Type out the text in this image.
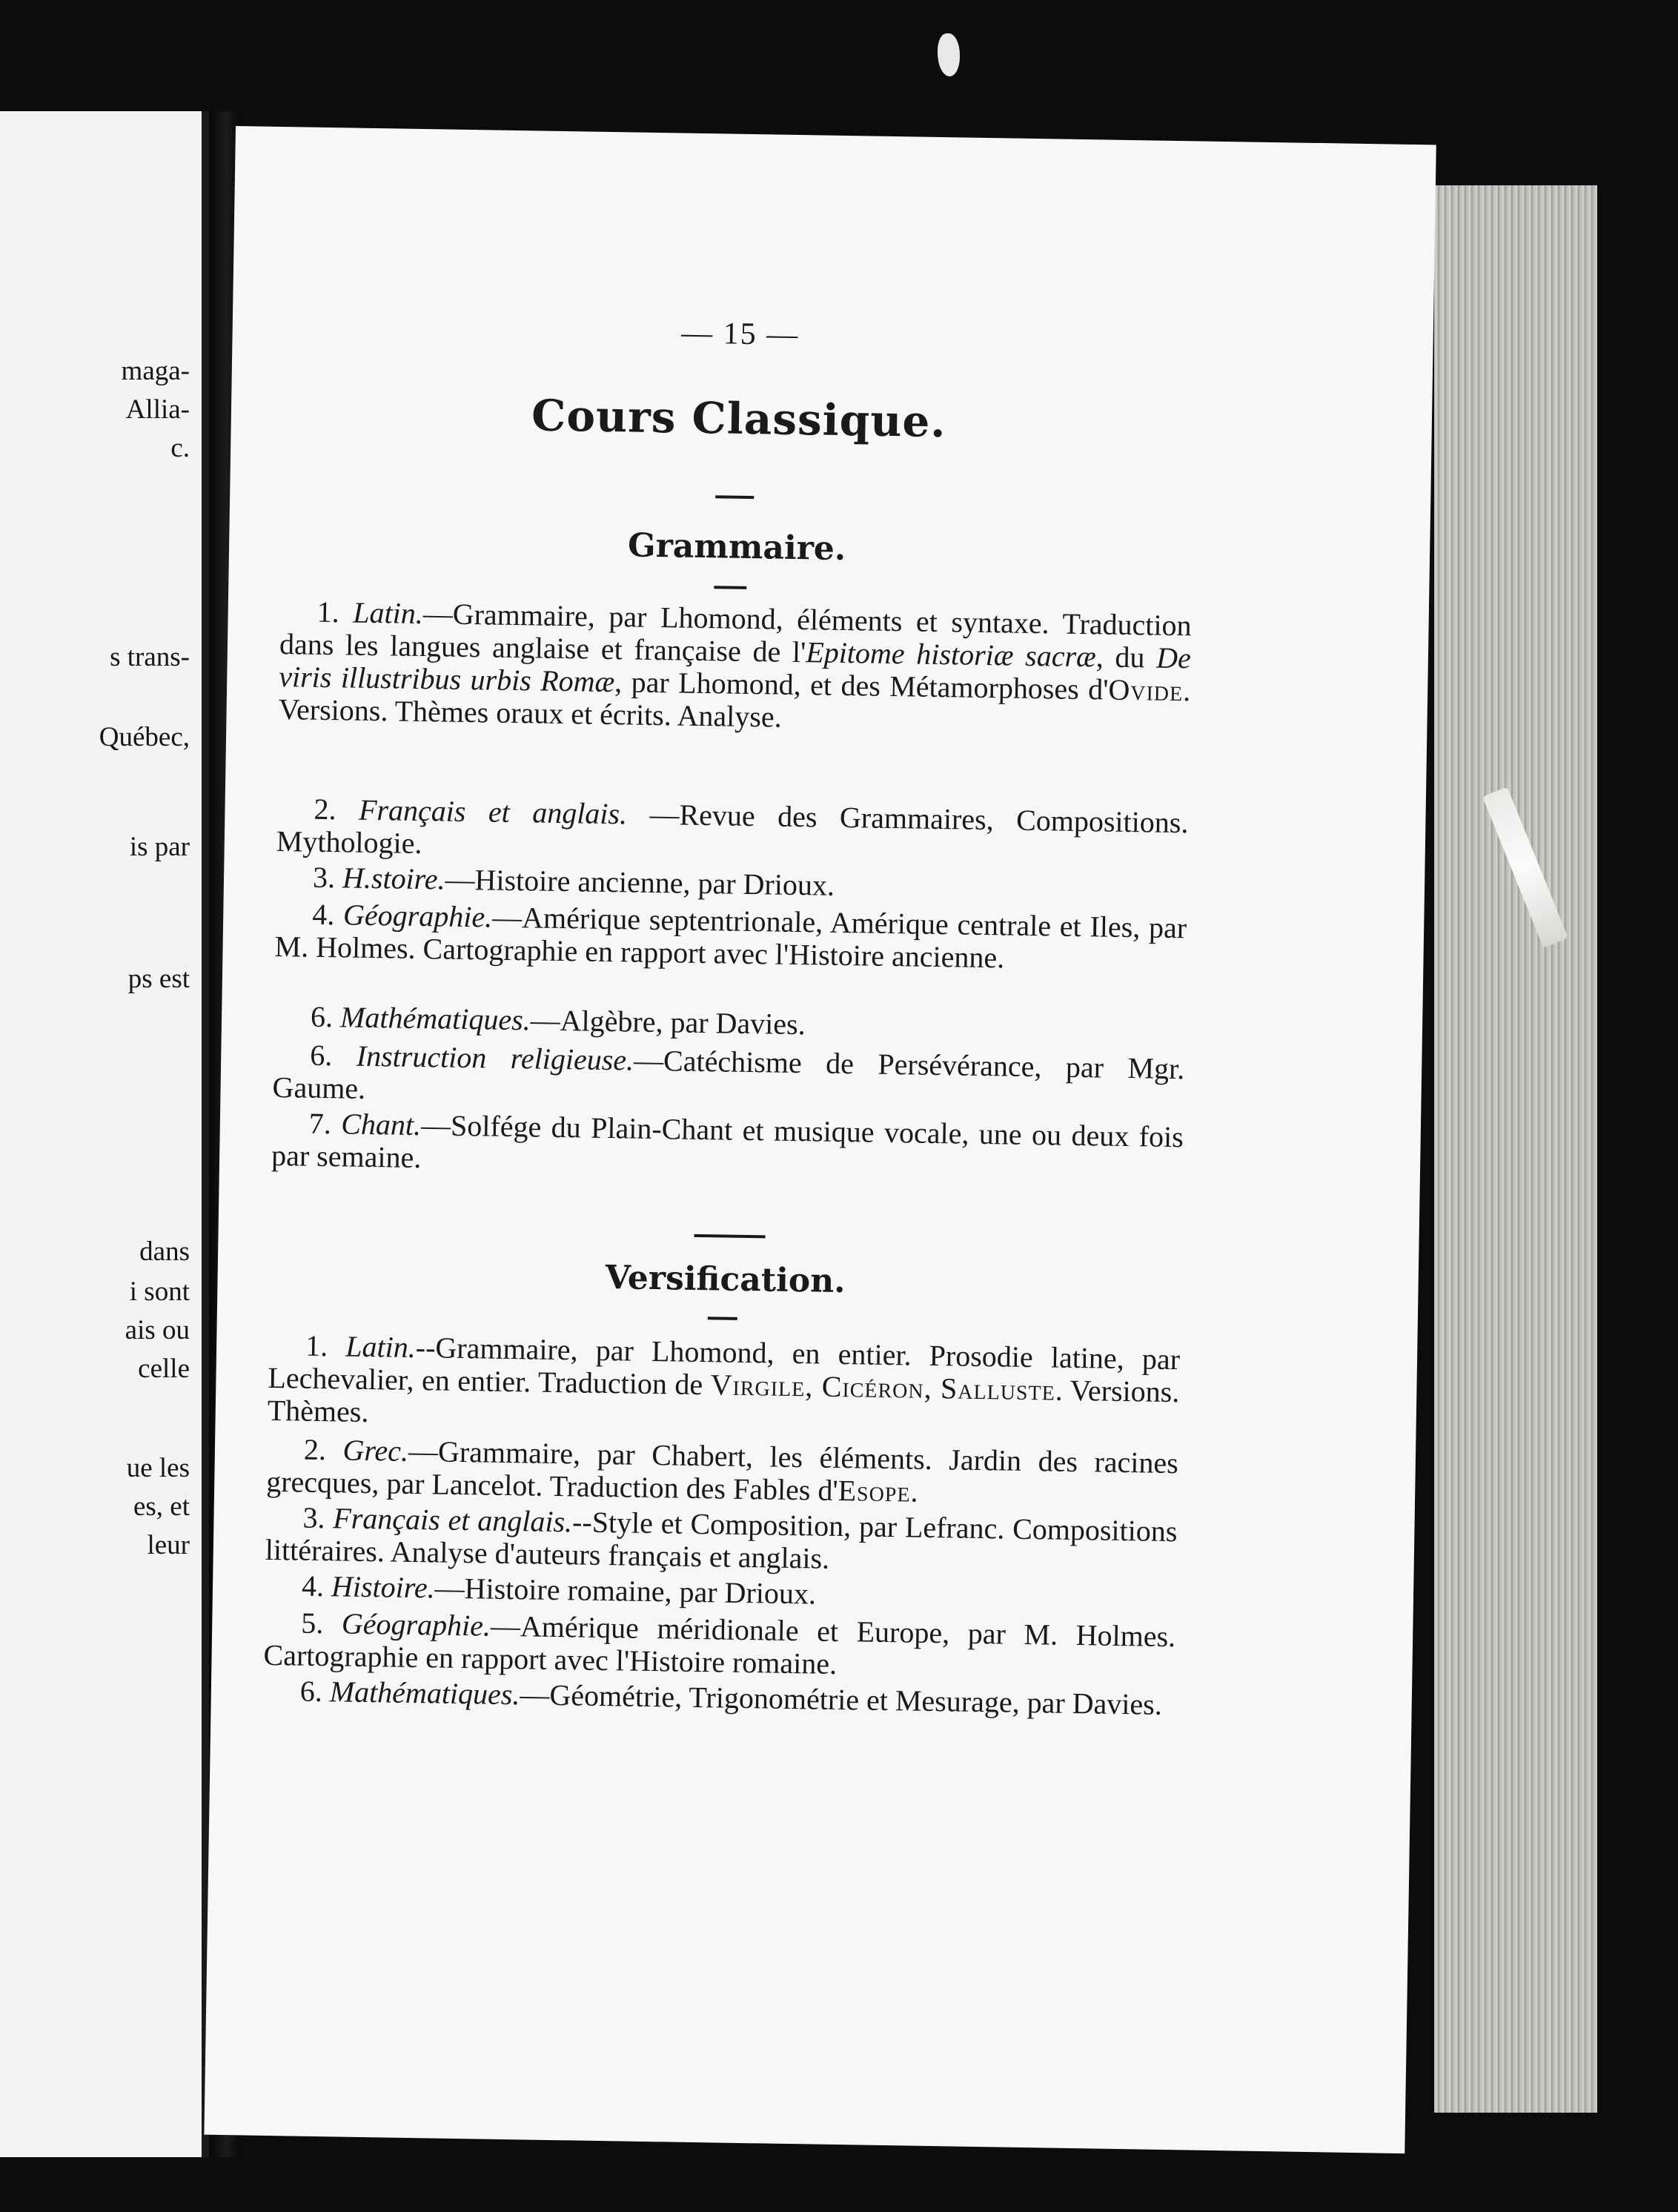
maga-
Allia-
c.
s trans-
Québec,
is par
ps est
dans
i sont
ais ou
celle
ue les
es, et
leur
— 15 —
Cours Classique.
Grammaire.
1. Latin.—Grammaire, par Lhomond, éléments et syntaxe. Traduction dans les langues anglaise et française de l'Epitome historiæ sacræ, du De viris illustribus urbis Romæ, par Lhomond, et des Métamorphoses d'Ovide. Versions. Thèmes oraux et écrits. Analyse.
2. Français et anglais. —Revue des Grammaires, Compositions. Mythologie.
3. H.stoire.—Histoire ancienne, par Drioux.
4. Géographie.—Amérique septentrionale, Amérique centrale et Iles, par M. Holmes. Cartographie en rapport avec l'Histoire ancienne.
6. Mathématiques.—Algèbre, par Davies.
6. Instruction religieuse.—Catéchisme de Persévérance, par Mgr. Gaume.
7. Chant.—Solfége du Plain-Chant et musique vocale, une ou deux fois par semaine.
Versification.
1. Latin.--Grammaire, par Lhomond, en entier. Prosodie latine, par Lechevalier, en entier. Traduction de Virgile, Cicéron, Salluste. Versions. Thèmes.
2. Grec.—Grammaire, par Chabert, les éléments. Jardin des racines grecques, par Lancelot. Traduction des Fables d'Esope.
3. Français et anglais.--Style et Composition, par Lefranc. Compositions littéraires. Analyse d'auteurs français et anglais.
4. Histoire.—Histoire romaine, par Drioux.
5. Géographie.—Amérique méridionale et Europe, par M. Holmes. Cartographie en rapport avec l'Histoire romaine.
6. Mathématiques.—Géométrie, Trigonométrie et Mesurage, par Davies.
